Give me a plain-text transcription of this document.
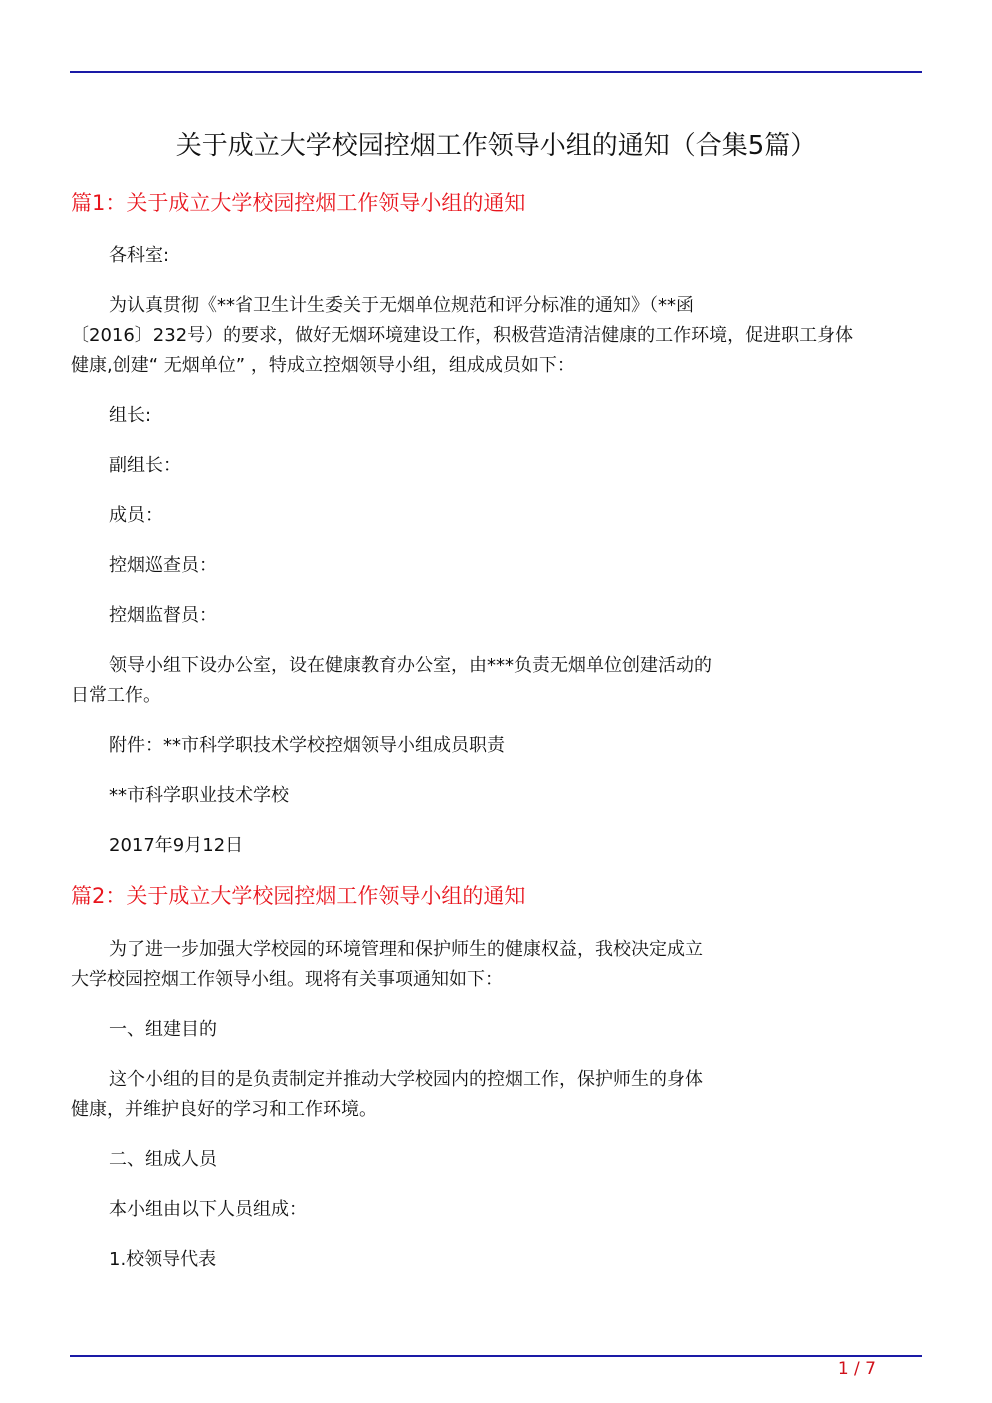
关于成立大学校园控烟工作领导小组的通知（合集5篇）
篇1：关于成立大学校园控烟工作领导小组的通知
各科室:
为认真贯彻《**省卫生计生委关于无烟单位规范和评分标准的通知》（**函
〔2016〕232号）的要求，做好无烟环境建设工作，积极营造清洁健康的工作环境，促进职工身体
健康,创建“ 无烟单位” ，特成立控烟领导小组，组成成员如下：
组长:
副组长：
成员：
控烟巡查员：
控烟监督员：
领导小组下设办公室，设在健康教育办公室，由***负责无烟单位创建活动的
日常工作。
附件：**市科学职技术学校控烟领导小组成员职责
**市科学职业技术学校
2017年9月12日
篇2：关于成立大学校园控烟工作领导小组的通知
为了进一步加强大学校园的环境管理和保护师生的健康权益，我校决定成立
大学校园控烟工作领导小组。现将有关事项通知如下：
一、组建目的
这个小组的目的是负责制定并推动大学校园内的控烟工作，保护师生的身体
健康，并维护良好的学习和工作环境。
二、组成人员
本小组由以下人员组成：
1.校领导代表
1 / 7
